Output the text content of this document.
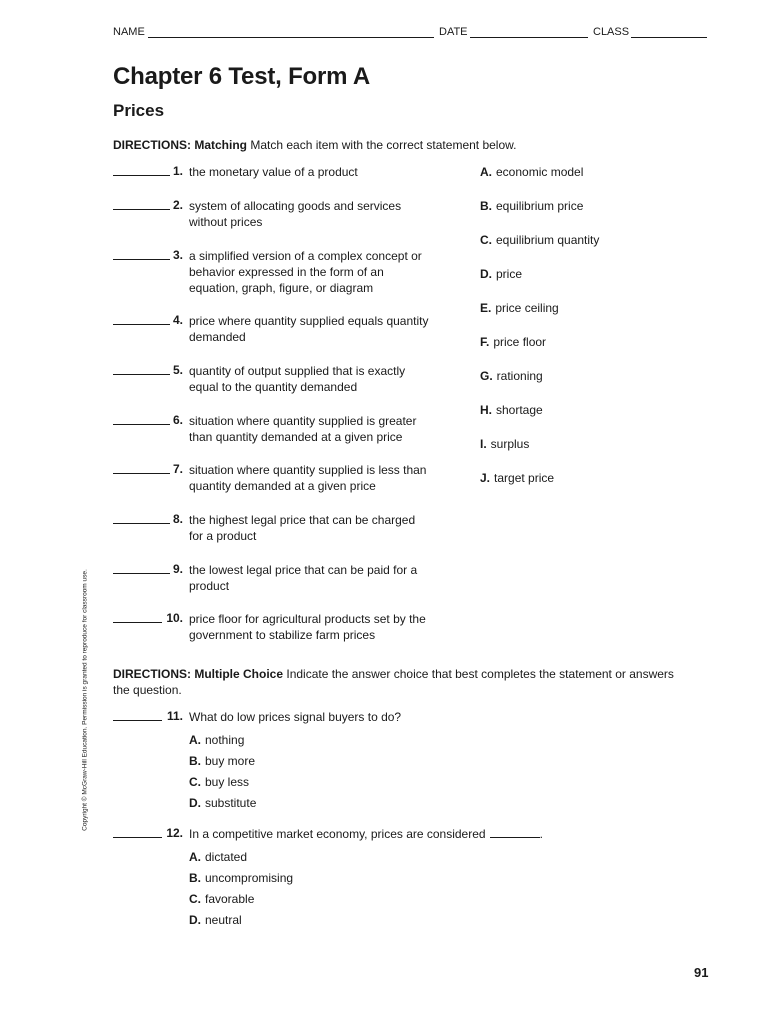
NAME	DATE	CLASS
Chapter 6 Test, Form A
Prices
DIRECTIONS: Matching Match each item with the correct statement below.
1. the monetary value of a product
2. system of allocating goods and services
without prices
3. a simplified version of a complex concept or
behavior expressed in the form of an
equation, graph, figure, or diagram
4. price where quantity supplied equals quantity
demanded
5. quantity of output supplied that is exactly
equal to the quantity demanded
6. situation where quantity supplied is greater
than quantity demanded at a given price
7. situation where quantity supplied is less than
quantity demanded at a given price
8. the highest legal price that can be charged
for a product
9. the lowest legal price that can be paid for a
product
10. price floor for agricultural products set by the
government to stabilize farm prices
A. economic model
B. equilibrium price
C. equilibrium quantity
D. price
E. price ceiling
F. price floor
G. rationing
H. shortage
I. surplus
J. target price
DIRECTIONS: Multiple Choice Indicate the answer choice that best completes the statement or answers
the question.
11. What do low prices signal buyers to do?
A. nothing
B. buy more
C. buy less
D. substitute
12. In a competitive market economy, prices are considered	.
A. dictated
B. uncompromising
C. favorable
D. neutral
Copyright © McGraw-Hill Education. Permission is granted to reproduce for classroom use.
91
